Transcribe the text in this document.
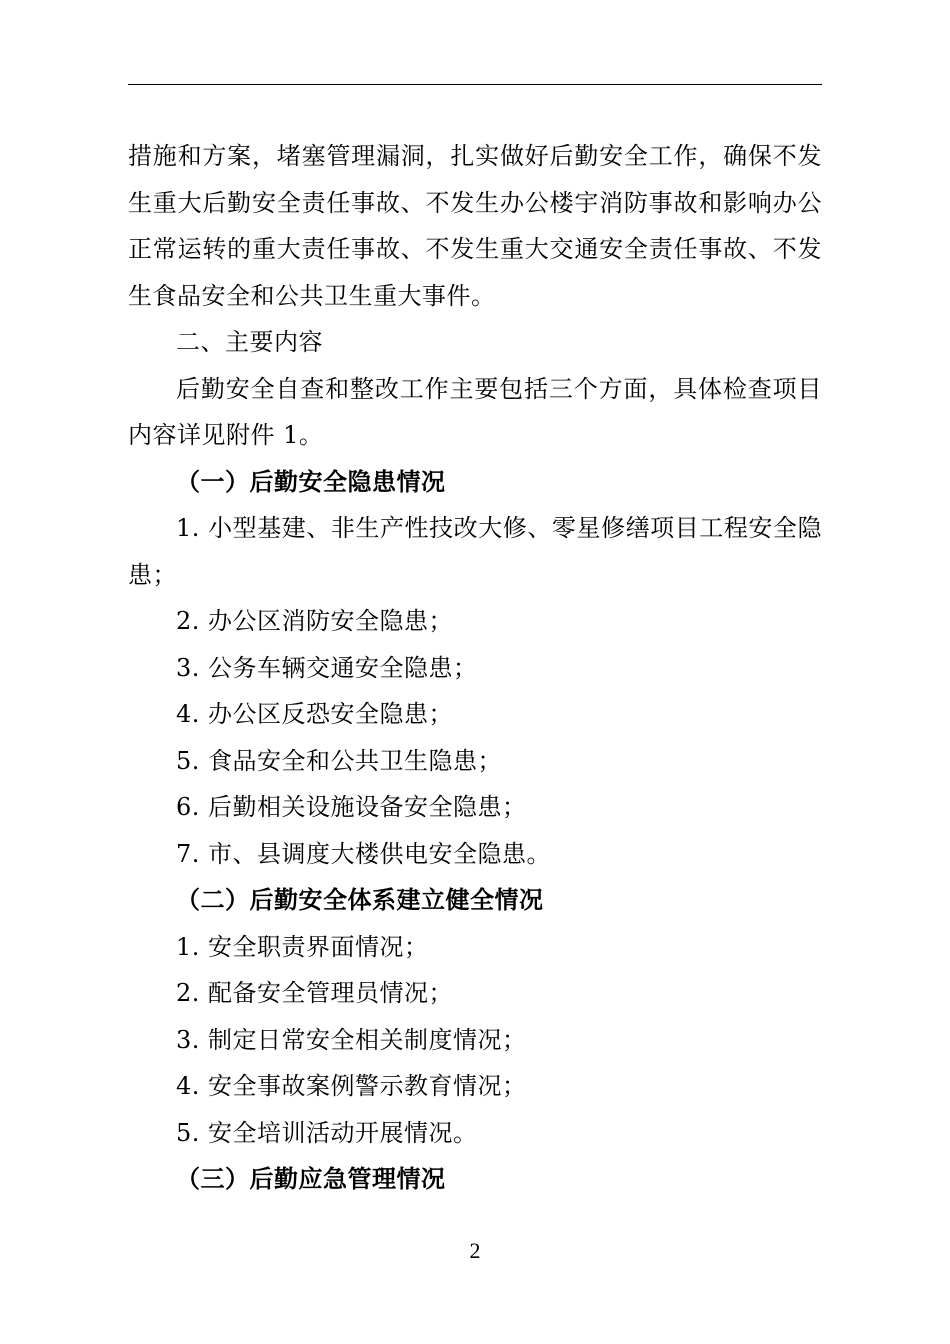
措施和方案，堵塞管理漏洞，扎实做好后勤安全工作，确保不发生重大后勤安全责任事故、不发生办公楼宇消防事故和影响办公正常运转的重大责任事故、不发生重大交通安全责任事故、不发生食品安全和公共卫生重大事件。

二、主要内容

后勤安全自查和整改工作主要包括三个方面，具体检查项目内容详见附件 1。

（一）后勤安全隐患情况

1. 小型基建、非生产性技改大修、零星修缮项目工程安全隐患；

2. 办公区消防安全隐患；

3. 公务车辆交通安全隐患；

4. 办公区反恐安全隐患；

5. 食品安全和公共卫生隐患；

6. 后勤相关设施设备安全隐患；

7. 市、县调度大楼供电安全隐患。

（二）后勤安全体系建立健全情况

1. 安全职责界面情况；

2. 配备安全管理员情况；

3. 制定日常安全相关制度情况；

4. 安全事故案例警示教育情况；

5. 安全培训活动开展情况。

（三）后勤应急管理情况

2
